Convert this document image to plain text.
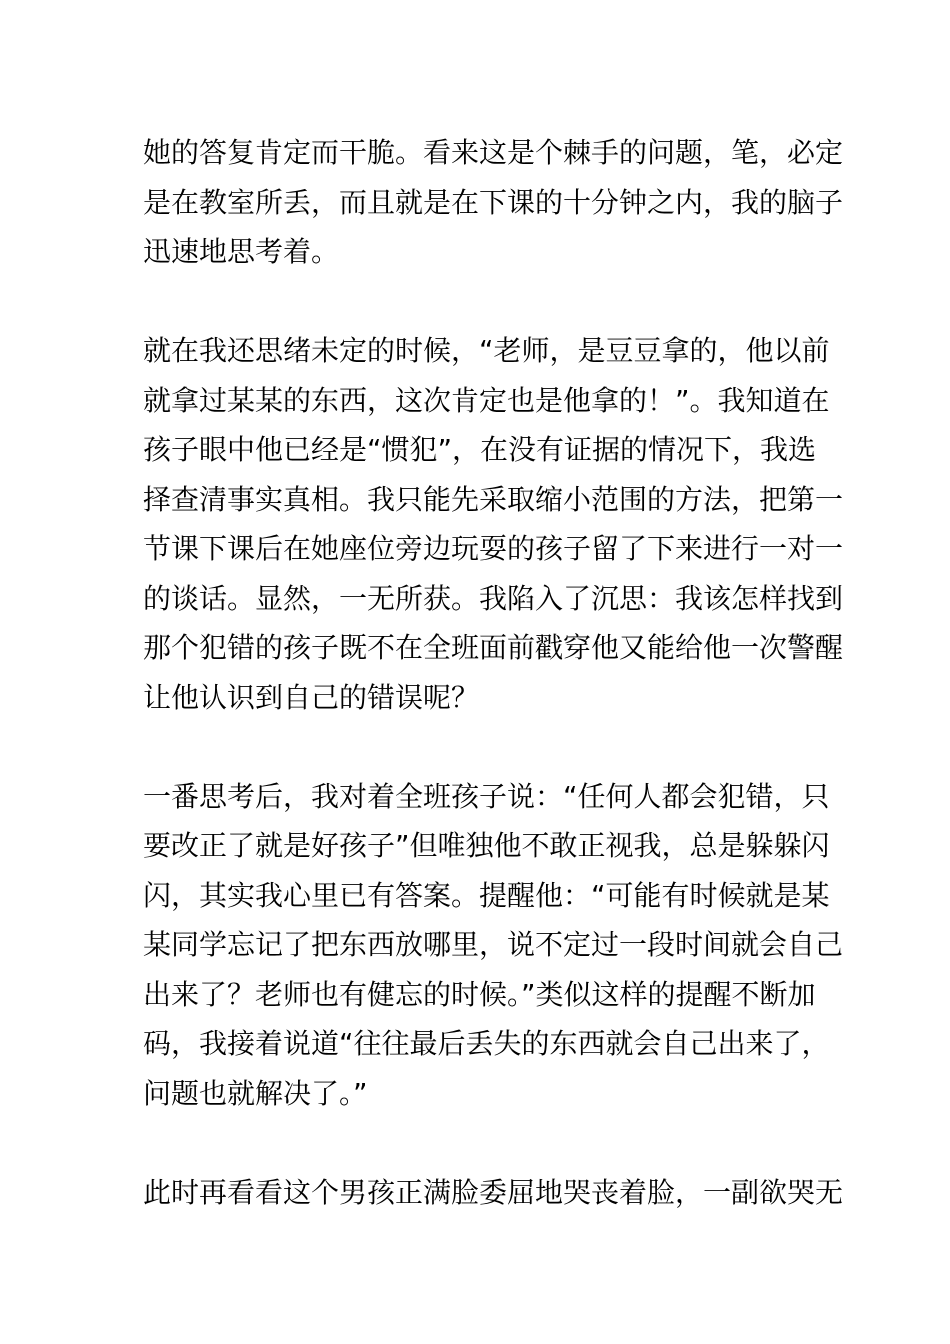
她的答复肯定而干脆。看来这是个棘手的问题，笔，必定
是在教室所丢，而且就是在下课的十分钟之内，我的脑子
迅速地思考着。
就在我还思绪未定的时候，“老师，是豆豆拿的，他以前
就拿过某某的东西，这次肯定也是他拿的！”。我知道在
孩子眼中他已经是“惯犯”，在没有证据的情况下，我选
择查清事实真相。我只能先采取缩小范围的方法，把第一
节课下课后在她座位旁边玩耍的孩子留了下来进行一对一
的谈话。显然，一无所获。我陷入了沉思：我该怎样找到
那个犯错的孩子既不在全班面前戳穿他又能给他一次警醒
让他认识到自己的错误呢？
一番思考后，我对着全班孩子说：“任何人都会犯错，只
要改正了就是好孩子”但唯独他不敢正视我，总是躲躲闪
闪，其实我心里已有答案。提醒他：“可能有时候就是某
某同学忘记了把东西放哪里，说不定过一段时间就会自己
出来了？老师也有健忘的时候。”类似这样的提醒不断加
码，我接着说道“往往最后丢失的东西就会自己出来了，
问题也就解决了。”
此时再看看这个男孩正满脸委屈地哭丧着脸，一副欲哭无
